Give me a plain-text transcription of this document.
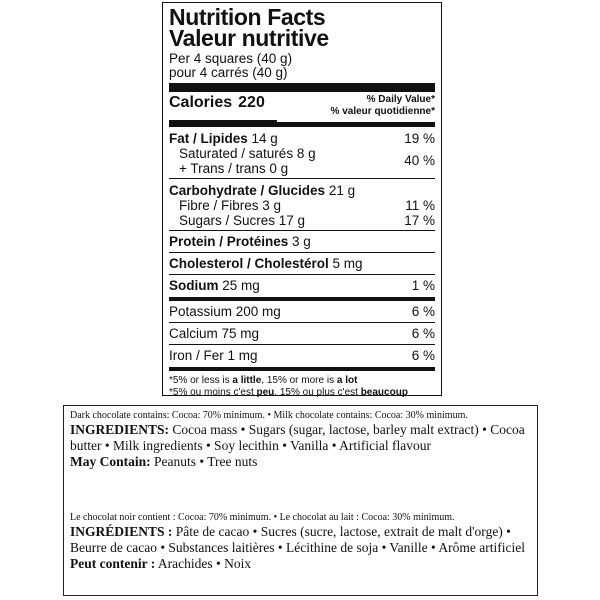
Nutrition Facts
Valeur nutritive
Per 4 squares (40 g)
pour 4 carrés (40 g)
Calories 220	% Daily Value*
% valeur quotidienne*
Fat / Lipides 14 g	19 %
Saturated / saturés 8 g	40 %
+ Trans / trans 0 g
Carbohydrate / Glucides 21 g
Fibre / Fibres 3 g	11 %
Sugars / Sucres 17 g	17 %
Protein / Protéines 3 g
Cholesterol / Cholestérol 5 mg
Sodium 25 mg	1 %
Potassium 200 mg	6 %
Calcium 75 mg	6 %
Iron / Fer 1 mg	6 %
*5% or less is a little, 15% or more is a lot
*5% ou moins c'est peu, 15% ou plus c'est beaucoup
Dark chocolate contains: Cocoa: 70% minimum. • Milk chocolate contains: Cocoa: 30% minimum.
INGREDIENTS: Cocoa mass • Sugars (sugar, lactose, barley malt extract) • Cocoa butter • Milk ingredients • Soy lecithin • Vanilla • Artificial flavour
May Contain: Peanuts • Tree nuts
Le chocolat noir contient : Cocoa: 70% minimum. • Le chocolat au lait : Cocoa: 30% minimum.
INGRÉDIENTS : Pâte de cacao • Sucres (sucre, lactose, extrait de malt d'orge) • Beurre de cacao • Substances laitières • Lécithine de soja • Vanille • Arôme artificiel
Peut contenir : Arachides • Noix
